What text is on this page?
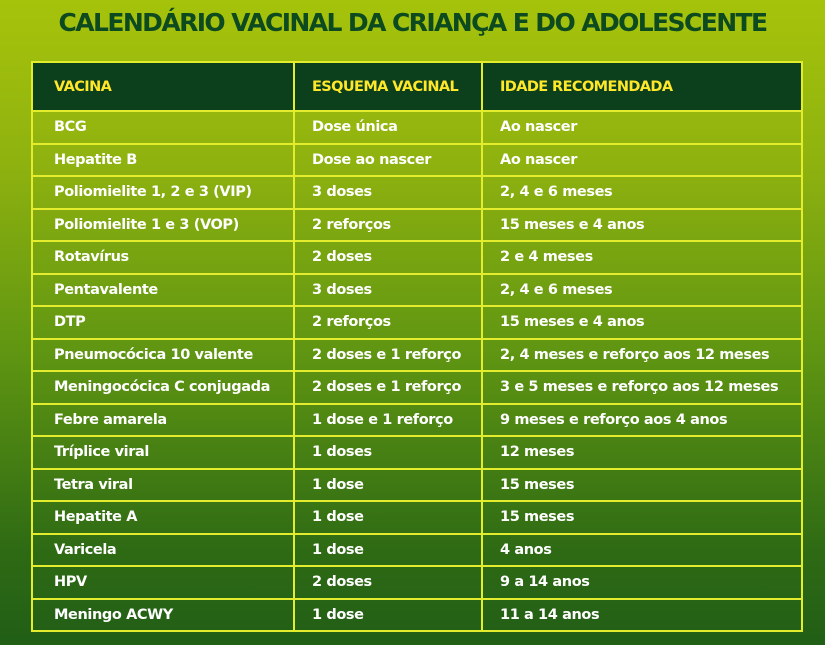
CALENDÁRIO VACINAL DA CRIANÇA E DO ADOLESCENTE
VACINA	ESQUEMA VACINAL	IDADE RECOMENDADA
BCG	Dose única	Ao nascer
Hepatite B	Dose ao nascer	Ao nascer
Poliomielite 1, 2 e 3 (VIP)	3 doses	2, 4 e 6 meses
Poliomielite 1 e 3 (VOP)	2 reforços	15 meses e 4 anos
Rotavírus	2 doses	2 e 4 meses
Pentavalente	3 doses	2, 4 e 6 meses
DTP	2 reforços	15 meses e 4 anos
Pneumocócica 10 valente	2 doses e 1 reforço	2, 4 meses e reforço aos 12 meses
Meningocócica C conjugada	2 doses e 1 reforço	3 e 5 meses e reforço aos 12 meses
Febre amarela	1 dose e 1 reforço	9 meses e reforço aos 4 anos
Tríplice viral	1 doses	12 meses
Tetra viral	1 dose	15 meses
Hepatite A	1 dose	15 meses
Varicela	1 dose	4 anos
HPV	2 doses	9 a 14 anos
Meningo ACWY	1 dose	11 a 14 anos
